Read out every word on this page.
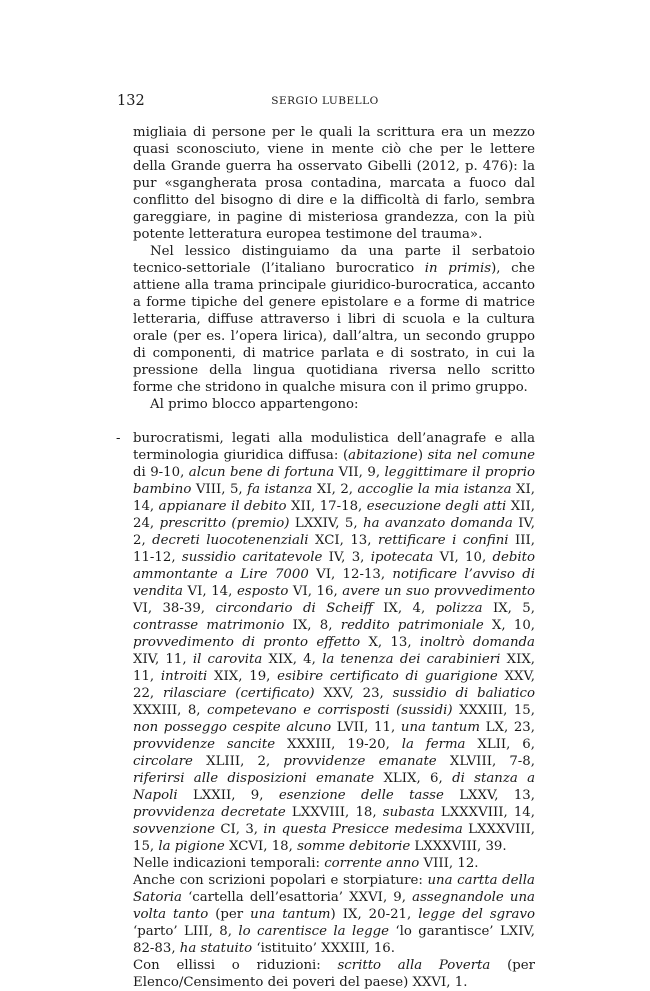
132	SERGIO LUBELLO

migliaia di persone per le quali la scrittura era un mezzo quasi sconosciuto, viene in mente ciò che per le lettere della Grande guerra ha osservato Gibelli (2012, p. 476): la pur «sgangherata prosa contadina, marcata a fuoco dal conflitto del bisogno di dire e la difficoltà di farlo, sembra gareggiare, in pagine di misteriosa grandezza, con la più potente letteratura europea testimone del trauma».

Nel lessico distinguiamo da una parte il serbatoio tecnico-settoriale (l’italiano burocratico in primis), che attiene alla trama principale giuridico-burocratica, accanto a forme tipiche del genere epistolare e a forme di matrice letteraria, diffuse attraverso i libri di scuola e la cultura orale (per es. l’opera lirica), dall’altra, un secondo gruppo di componenti, di matrice parlata e di sostrato, in cui la pressione della lingua quotidiana riversa nello scritto forme che stridono in qualche misura con il primo gruppo.

Al primo blocco appartengono:

- burocratismi, legati alla modulistica dell’anagrafe e alla terminologia giuridica diffusa: (abitazione) sita nel comune di 9-10, alcun bene di fortuna VII, 9, leggittimare il proprio bambino VIII, 5, fa istanza XI, 2, accoglie la mia istanza XI, 14, appianare il debito XII, 17-18, esecuzione degli atti XII, 24, prescritto (premio) LXXIV, 5, ha avanzato domanda IV, 2, decreti luocotenenziali XCI, 13, rettificare i confini III, 11-12, sussidio caritatevole IV, 3, ipotecata VI, 10, debito ammontante a Lire 7000 VI, 12-13, notificare l’avviso di vendita VI, 14, esposto VI, 16, avere un suo provvedimento VI, 38-39, circondario di Scheiff IX, 4, polizza IX, 5, contrasse matrimonio IX, 8, reddito patrimoniale X, 10, provvedimento di pronto effetto X, 13, inoltrò domanda XIV, 11, il carovita XIX, 4, la tenenza dei carabinieri XIX, 11, introiti XIX, 19, esibire certificato di guarigione XXV, 22, rilasciare (certificato) XXV, 23, sussidio di baliatico XXXIII, 8, competevano e corrisposti (sussidi) XXXIII, 15, non posseggo cespite alcuno LVII, 11, una tantum LX, 23, provvidenze sancite XXXIII, 19-20, la ferma XLII, 6, circolare XLIII, 2, provvidenze emanate XLVIII, 7-8, riferirsi alle disposizioni emanate XLIX, 6, di stanza a Napoli LXXII, 9, esenzione delle tasse LXXV, 13, provvidenza decretate LXXVIII, 18, subasta LXXXVIII, 14, sovvenzione CI, 3, in questa Presicce medesima LXXXVIII, 15, la pigione XCVI, 18, somme debitorie LXXXVIII, 39.

Nelle indicazioni temporali: corrente anno VIII, 12.

Anche con scrizioni popolari e storpiature: una cartta della Satoria ‘cartella dell’esattoria’ XXVI, 9, assegnandole una volta tanto (per una tantum) IX, 20-21, legge del sgravo ‘parto’ LIII, 8, lo carentisce la legge ‘lo garantisce’ LXIV, 82-83, ha statuito ‘istituito’ XXXIII, 16.

Con ellissi o riduzioni: scritto alla Poverta (per Elenco/Censimento dei poveri del paese) XXVI, 1.
